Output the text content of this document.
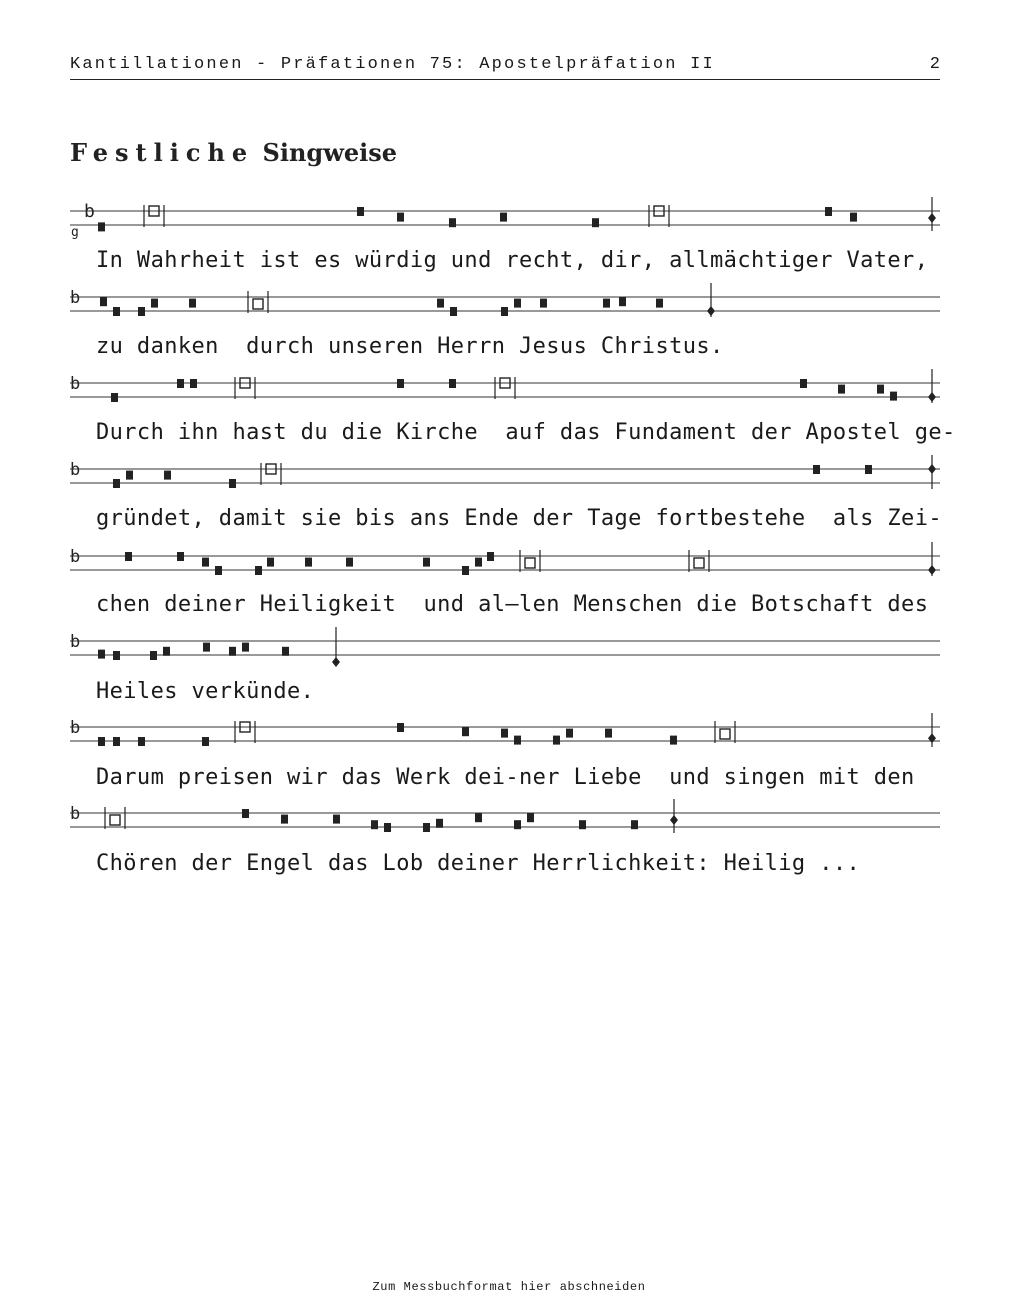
Kantillationen - Präfationen 75: Apostelpräfation II	2
Festliche Singweise
b
g
b
b
b
b
b
b
b
In Wahrheit ist es würdig und recht, dir, allmächtiger Vater,
zu danken  durch unseren Herrn Jesus Christus.
Durch ihn hast du die Kirche  auf das Fundament der Apostel ge-
gründet, damit sie bis ans Ende der Tage fortbestehe  als Zei-
chen deiner Heiligkeit  und al—len Menschen die Botschaft des
Heiles verkünde.
Darum preisen wir das Werk dei-ner Liebe  und singen mit den
Chören der Engel das Lob deiner Herrlichkeit: Heilig ...
Zum Messbuchformat hier abschneiden
